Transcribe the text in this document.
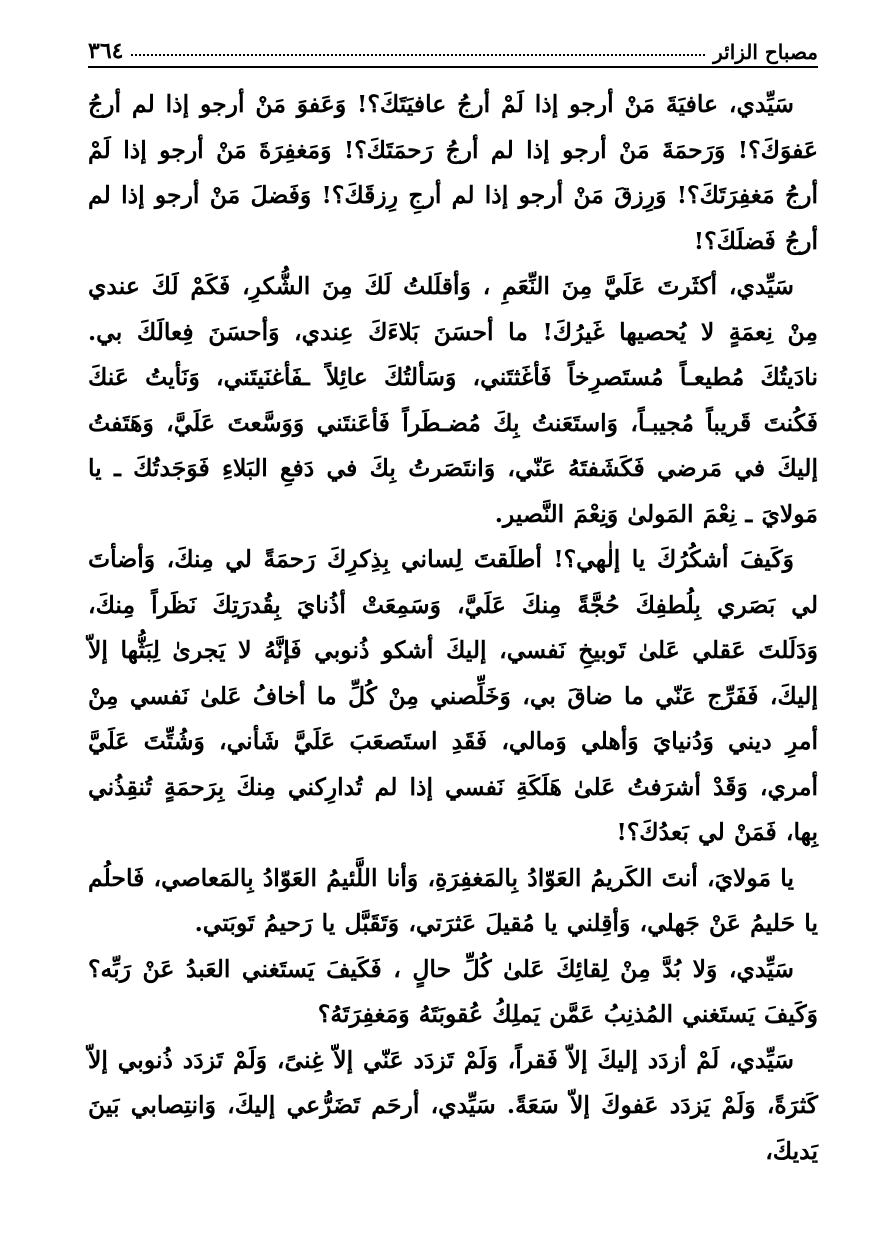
مصباح الزائر
٣٦٤

سَيِّدي، عافيَةَ مَنْ أرجو إذا لَمْ أرجُ عافيَتَكَ؟! وَعَفوَ مَنْ أرجو إذا لم أرجُ عَفوَكَ؟! وَرَحمَةَ مَنْ أرجو إذا لم أرجُ رَحمَتَكَ؟! وَمَغفِرَةَ مَنْ أرجو إذا لَمْ أرجُ مَغفِرَتَكَ؟! وَرِزقَ مَنْ أرجو إذا لم أرجِ رِزقَكَ؟! وَفَضلَ مَنْ أرجو إذا لم أرجُ فَضلَكَ؟!

سَيِّدي، أكثَرتَ عَلَيَّ مِنَ النِّعَمِ ، وَأقلَلتُ لَكَ مِنَ الشُّكرِ، فَكَمْ لَكَ عندي مِنْ نِعمَةٍ لا يُحصيها غَيرُكَ! ما أحسَنَ بَلاءَكَ عِندي، وَأحسَنَ فِعالَكَ بي. نادَيتُكَ مُطيعـاً مُستَصرِخاً فَأغَثتَني، وَسَألتُكَ عائِلاً ـفَأغنَيتَني، وَنَأيتُ عَنكَ فَكُنتَ قَريباً مُجيبـاً، وَاستَعَنتُ بِكَ مُضـطَراً فَأعَنتَني وَوَسَّعتَ عَلَيَّ، وَهَتَفتُ إليكَ في مَرضي فَكَشَفتَهُ عَنّي، وَانتَصَرتُ بِكَ في دَفعِ البَلاءِ فَوَجَدتُكَ ـ يا مَولايَ ـ نِعْمَ المَولىٰ وَنِعْمَ النَّصير.

وَكَيفَ أشكُرُكَ يا إلٰهي؟! أطلَقتَ لِساني بِذِكرِكَ رَحمَةً لي مِنكَ، وَأضأتَ لي بَصَري بِلُطفِكَ حُجَّةً مِنكَ عَلَيَّ، وَسَمِعَتْ أذُنايَ بِقُدرَتِكَ نَظَراً مِنكَ، وَدَلَلتَ عَقلي عَلىٰ تَوبيخِ نَفسي، إليكَ أشكو ذُنوبي فَإنَّهُ لا يَجرىٰ لِبَثُّها إلاّ إليكَ، فَفَرِّج عَنّي ما ضاقَ بي، وَخَلِّصني مِنْ كُلِّ ما أخافُ عَلىٰ نَفسي مِنْ أمرِ ديني وَدُنيايَ وَأهلي وَمالي، فَقَدِ استَصعَبَ عَلَيَّ شَأني، وَشُتِّتَ عَلَيَّ أمري، وَقَدْ أشرَفتُ عَلىٰ هَلَكَةِ نَفسي إذا لم تُدارِكني مِنكَ بِرَحمَةٍ تُنقِذُني بِها، فَمَنْ لي بَعدُكَ؟!

يا مَولايَ، أنتَ الكَريمُ العَوّادُ بِالمَغفِرَةِ، وَأنا اللَّئيمُ العَوّادُ بِالمَعاصي، فَاحلُم يا حَليمُ عَنْ جَهلي، وَأقِلني يا مُقيلَ عَثرَتي، وَتَقَبَّل يا رَحيمُ تَوبَتي.

سَيِّدي، وَلا بُدَّ مِنْ لِقائِكَ عَلىٰ كُلِّ حالٍ ، فَكَيفَ يَستَغني العَبدُ عَنْ رَبِّه؟ وَكَيفَ يَستَغني المُذنِبُ عَمَّن يَملِكُ عُقوبَتَهُ وَمَغفِرَتَهُ؟

سَيِّدي، لَمْ أزدَد إليكَ إلاّ فَقراً، وَلَمْ تَزدَد عَنّي إلاّ غِنىً، وَلَمْ تَزدَد ذُنوبي إلاّ كَثرَةً، وَلَمْ يَزدَد عَفوكَ إلاّ سَعَةً. سَيِّدي، أرحَم تَضَرُّعي إليكَ، وَانتِصابي بَينَ يَديكَ،
